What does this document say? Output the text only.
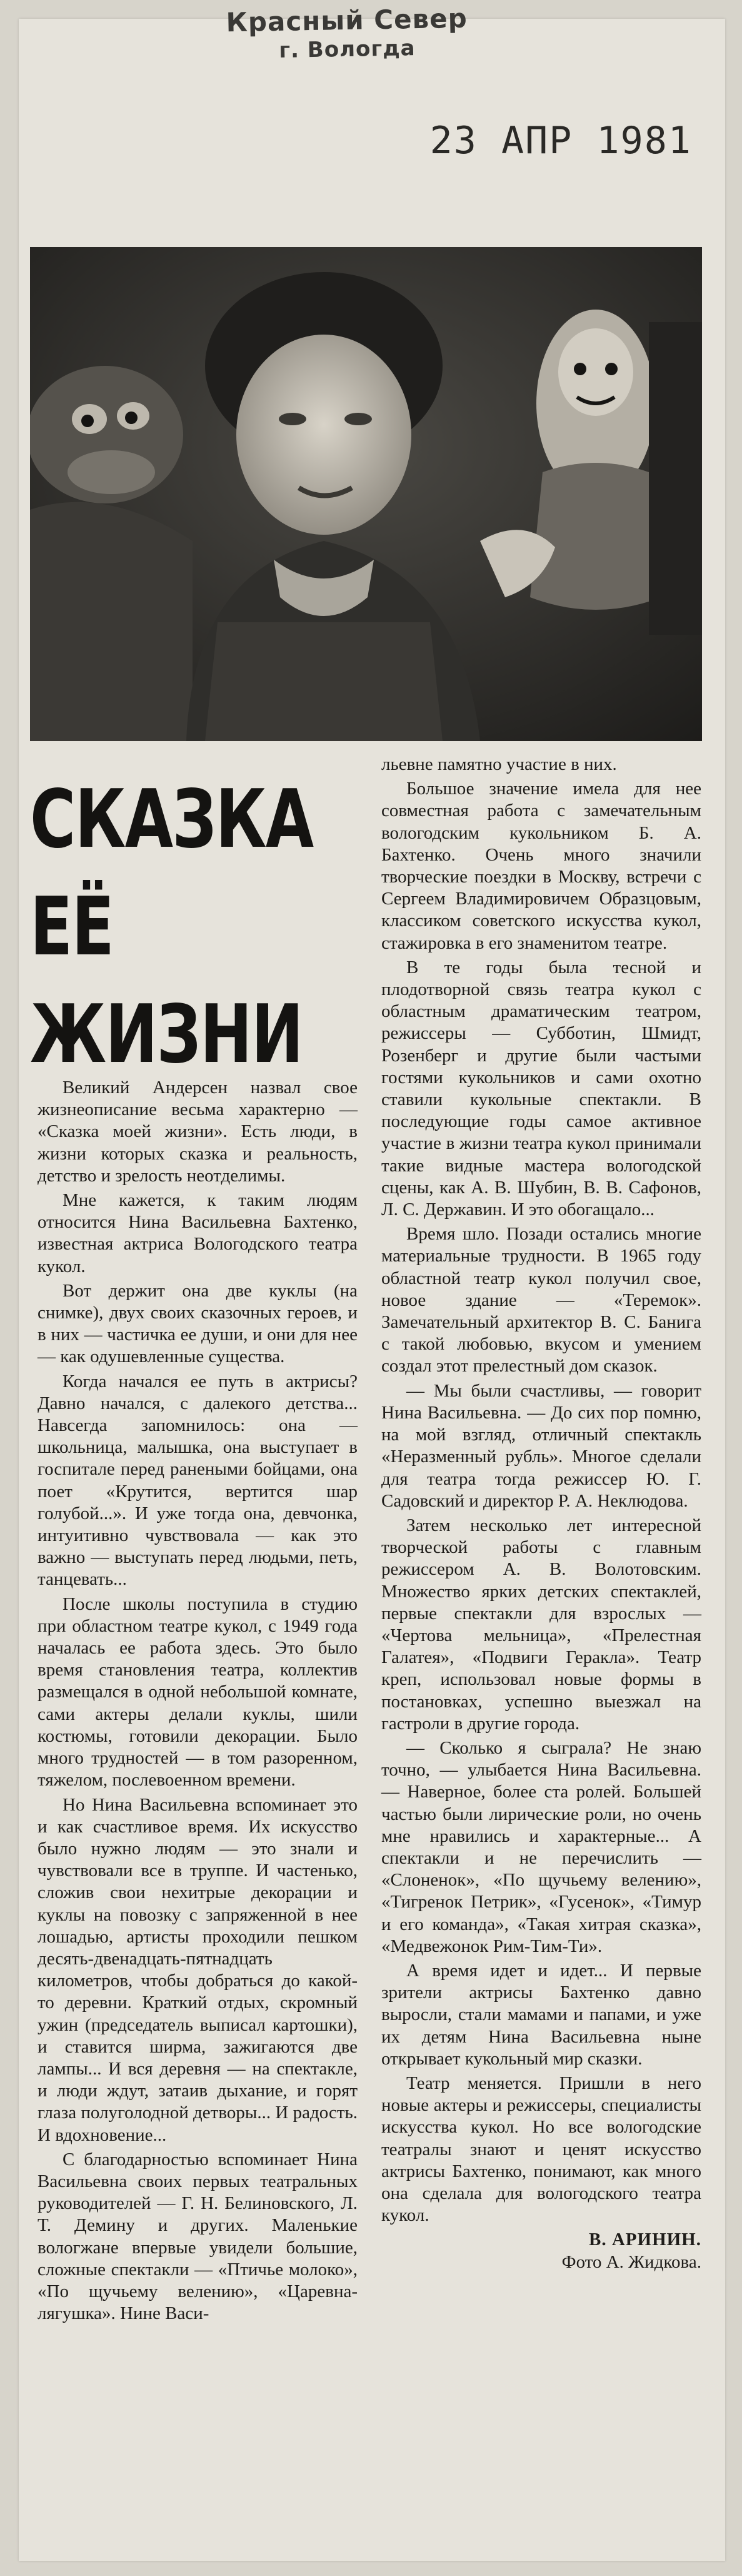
Красный Север
г. Вологда
23 АПР 1981
СКАЗКА
ЕЁ
ЖИЗНИ

Великий Андерсен назвал свое жизнеописание весьма характерно — «Сказка моей жизни». Есть люди, в жизни которых сказка и реальность, детство и зрелость неотделимы.

Мне кажется, к таким людям относится Нина Васильевна Бахтенко, известная актриса Вологодского театра кукол.

Вот держит она две куклы (на снимке), двух своих сказочных героев, и в них — частичка ее души, и они для нее — как одушевленные существа.

Когда начался ее путь в актрисы? Давно начался, с далекого детства... Навсегда запомнилось: она — школьница, малышка, она выступает в госпитале перед ранеными бойцами, она поет «Крутится, вертится шар голубой...». И уже тогда она, девчонка, интуитивно чувствовала — как это важно — выступать перед людьми, петь, танцевать...

После школы поступила в студию при областном театре кукол, с 1949 года началась ее работа здесь. Это было время становления театра, коллектив размещался в одной небольшой комнате, сами актеры делали куклы, шили костюмы, готовили декорации. Было много трудностей — в том разоренном, тяжелом, послевоенном времени.

Но Нина Васильевна вспоминает это и как счастливое время. Их искусство было нужно людям — это знали и чувствовали все в труппе. И частенько, сложив свои нехитрые декорации и куклы на повозку с запряженной в нее лошадью, артисты проходили пешком десять-двенадцать-пятнадцать километров, чтобы добраться до какой-то деревни. Краткий отдых, скромный ужин (председатель выписал картошки), и ставится ширма, зажигаются две лампы... И вся деревня — на спектакле, и люди ждут, затаив дыхание, и горят глаза полуголодной детворы... И радость. И вдохновение...

С благодарностью вспоминает Нина Васильевна своих первых театральных руководителей — Г. Н. Белиновского, Л. Т. Демину и других. Маленькие вологжане впервые увидели большие, сложные спектакли — «Птичье молоко», «По щучьему велению», «Царевна-лягушка». Нине Васи-

льевне памятно участие в них.

Большое значение имела для нее совместная работа с замечательным вологодским кукольником Б. А. Бахтенко. Очень много значили творческие поездки в Москву, встречи с Сергеем Владимировичем Образцовым, классиком советского искусства кукол, стажировка в его знаменитом театре.

В те годы была тесной и плодотворной связь театра кукол с областным драматическим театром, режиссеры — Субботин, Шмидт, Розенберг и другие были частыми гостями кукольников и сами охотно ставили кукольные спектакли. В последующие годы самое активное участие в жизни театра кукол принимали такие видные мастера вологодской сцены, как А. В. Шубин, В. В. Сафонов, Л. С. Державин. И это обогащало...

Время шло. Позади остались многие материальные трудности. В 1965 году областной театр кукол получил свое, новое здание — «Теремок». Замечательный архитектор В. С. Банига с такой любовью, вкусом и умением создал этот прелестный дом сказок.

— Мы были счастливы, — говорит Нина Васильевна. — До сих пор помню, на мой взгляд, отличный спектакль «Неразменный рубль». Многое сделали для театра тогда режиссер Ю. Г. Садовский и директор Р. А. Неклюдова.

Затем несколько лет интересной творческой работы с главным режиссером А. В. Волотовским. Множество ярких детских спектаклей, первые спектакли для взрослых — «Чертова мельница», «Прелестная Галатея», «Подвиги Геракла». Театр креп, использовал новые формы в постановках, успешно выезжал на гастроли в другие города.

— Сколько я сыграла? Не знаю точно, — улыбается Нина Васильевна. — Наверное, более ста ролей. Большей частью были лирические роли, но очень мне нравились и характерные... А спектакли и не перечислить — «Слоненок», «По щучьему велению», «Тигренок Петрик», «Гусенок», «Тимур и его команда», «Такая хитрая сказка», «Медвежонок Рим-Тим-Ти».

А время идет и идет... И первые зрители актрисы Бахтенко давно выросли, стали мамами и папами, и уже их детям Нина Васильевна ныне открывает кукольный мир сказки.

Театр меняется. Пришли в него новые актеры и режиссеры, специалисты искусства кукол. Но все вологодские театралы знают и ценят искусство актрисы Бахтенко, понимают, как много она сделала для вологодского театра кукол.

В. АРИНИН.

Фото А. Жидкова.
